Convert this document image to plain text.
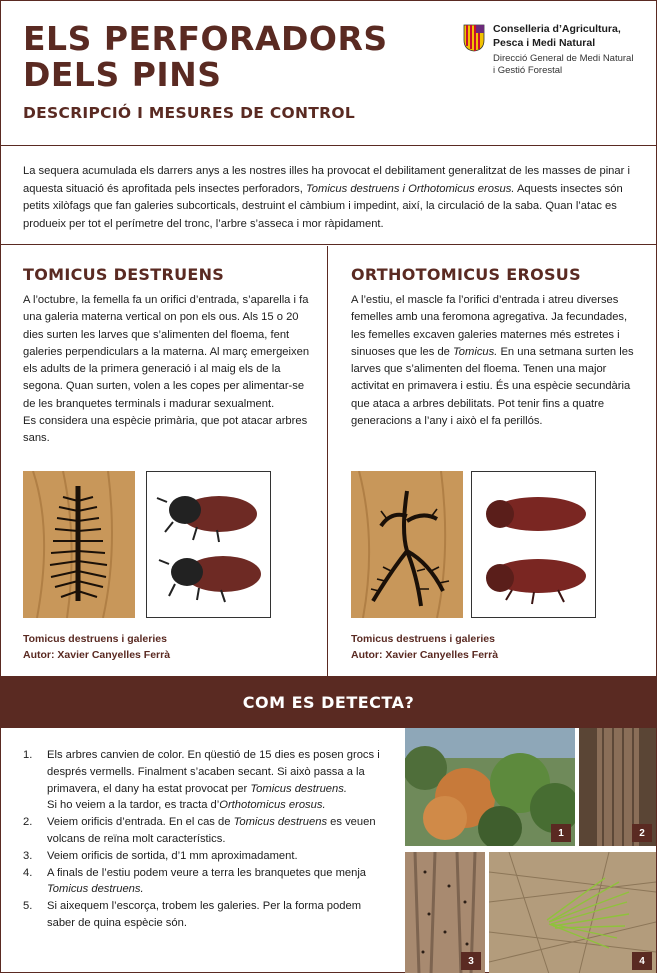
ELS PERFORADORS
DELS PINS
DESCRIPCIÓ I MESURES DE CONTROL
Conselleria d’Agricultura,
Pesca i Medi Natural
Direcció General de Medi Natural
i Gestió Forestal
La sequera acumulada els darrers anys a les nostres illes ha provocat el debilitament generalitzat de les masses de pinar i aquesta situació és aprofitada pels insectes perforadors, Tomicus destruens i Orthotomicus erosus. Aquests insectes són petits xilòfags que fan galeries subcorticals, destruint el càmbium i impedint, així, la circulació de la saba. Quan l’atac es produeix per tot el perímetre del tronc, l’arbre s’asseca i mor ràpidament.
TOMICUS DESTRUENS

A l’octubre, la femella fa un orifici d’entrada, s’aparella i fa una galeria materna vertical on pon els ous. Als 15 o 20 dies surten les larves que s’alimenten del floema, fent galeries perpendiculars a la materna. Al març emergeixen els adults de la primera generació i al maig els de la segona. Quan surten, volen a les copes per alimentar-se de les branquetes terminals i madurar sexualment.
Es considera una espècie primària, que pot atacar arbres sans.

Tomicus destruens i galeries
Autor: Xavier Canyelles Ferrà
ORTHOTOMICUS EROSUS

A l’estiu, el mascle fa l’orifici d’entrada i atreu diverses femelles amb una feromona agregativa. Ja fecundades, les femelles excaven galeries maternes més estretes i sinuoses que les de Tomicus. En una setmana surten les larves que s’alimenten del floema. Tenen una major activitat en primavera i estiu. És una espècie secundària que ataca a arbres debilitats. Pot tenir fins a quatre generacions a l’any i això el fa perillós.

Tomicus destruens i galeries
Autor: Xavier Canyelles Ferrà
COM ES DETECTA?
1. Els arbres canvien de color. En qüestió de 15 dies es posen grocs i després vermells. Finalment s’acaben secant. Si això passa a la primavera, el dany ha estat provocat per Tomicus destruens.
Si ho veiem a la tardor, es tracta d’Orthotomicus erosus.
2. Veiem orificis d’entrada. En el cas de Tomicus destruens es veuen volcans de reïna molt característics.
3. Veiem orificis de sortida, d’1 mm aproximadament.
4. A finals de l’estiu podem veure a terra les branquetes que menja Tomicus destruens.
5. Si aixequem l’escorça, trobem les galeries. Per la forma podem saber de quina espècie són.
1	2
3	4
